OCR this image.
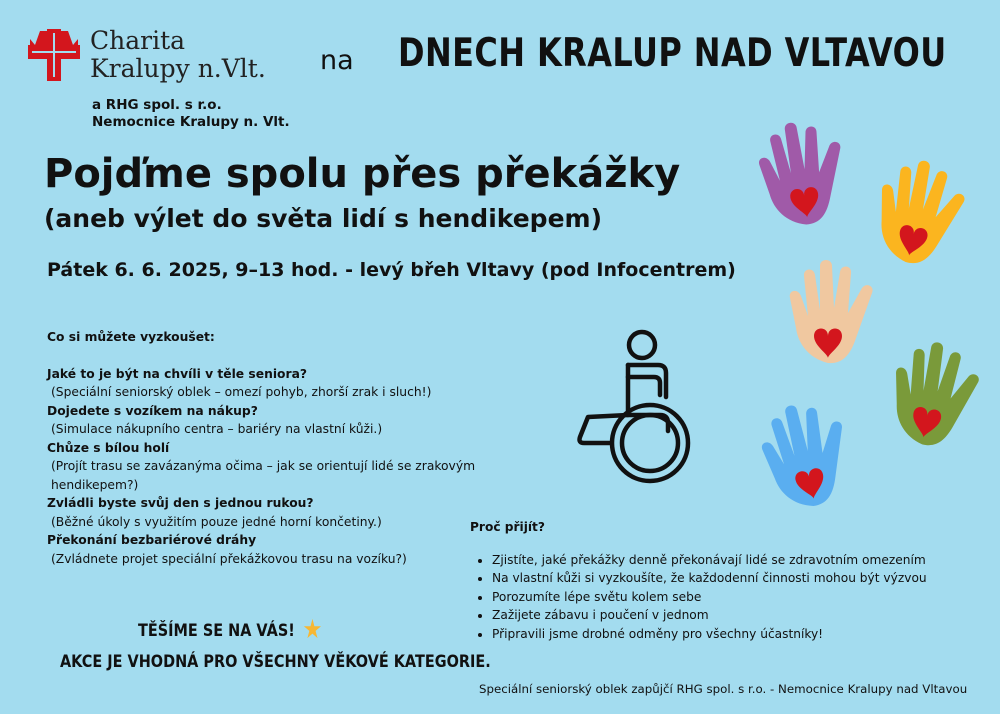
Charita
Kralupy n.Vlt.
a RHG spol. s r.o.
Nemocnice Kralupy n. Vlt.
na DNECH KRALUP NAD VLTAVOU
Pojďme spolu přes překážky
(aneb výlet do světa lidí s hendikepem)
Pátek 6. 6. 2025, 9–13 hod. - levý břeh Vltavy (pod Infocentrem)
Co si můžete vyzkoušet:
Jaké to je být na chvíli v těle seniora?
(Speciální seniorský oblek – omezí pohyb, zhorší zrak i sluch!)
Dojedete s vozíkem na nákup?
(Simulace nákupního centra – bariéry na vlastní kůži.)
Chůze s bílou holí
(Projít trasu se zavázanýma očima – jak se orientují lidé se zrakovým hendikepem?)
Zvládli byste svůj den s jednou rukou?
(Běžné úkoly s využitím pouze jedné horní končetiny.)
Překonání bezbariérové dráhy
(Zvládnete projet speciální překážkovou trasu na vozíku?)
Proč přijít?
• Zjistíte, jaké překážky denně překonávají lidé se zdravotním omezením
• Na vlastní kůži si vyzkoušíte, že každodenní činnosti mohou být výzvou
• Porozumíte lépe světu kolem sebe
• Zažijete zábavu i poučení v jednom
• Připravili jsme drobné odměny pro všechny účastníky!
TĚŠÍME SE NA VÁS!
AKCE JE VHODNÁ PRO VŠECHNY VĚKOVÉ KATEGORIE.
Speciální seniorský oblek zapůjčí RHG spol. s r.o. - Nemocnice Kralupy nad Vltavou
